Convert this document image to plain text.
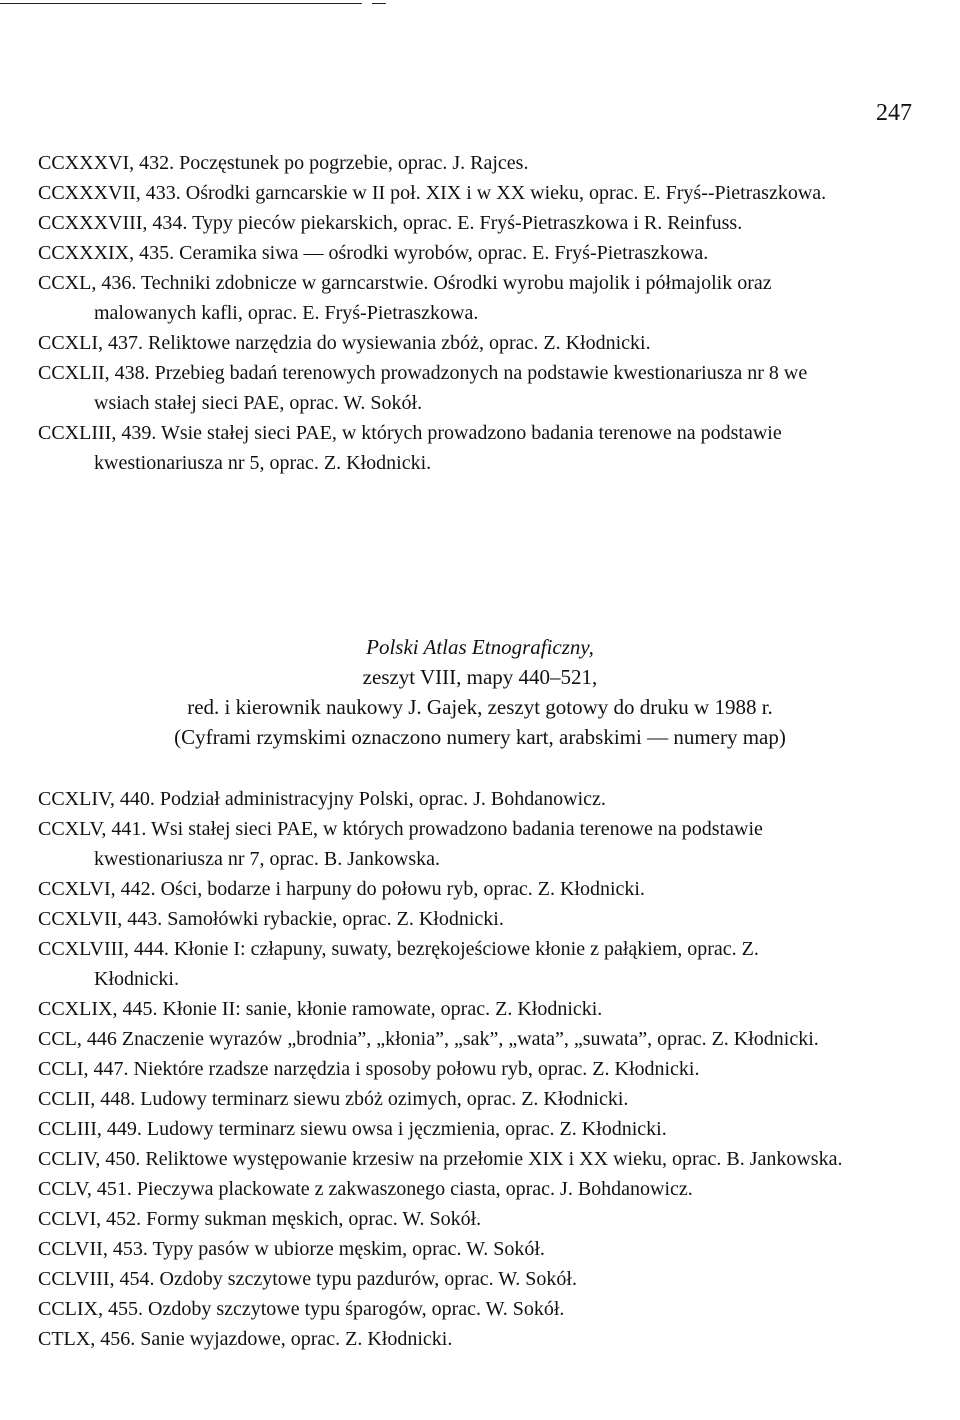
247
CCXXXVI, 432. Poczęstunek po pogrzebie, oprac. J. Rajces.
CCXXXVII, 433. Ośrodki garncarskie w II poł. XIX i w XX wieku, oprac. E. Fryś-‑Pietraszkowa.
CCXXXVIII, 434. Typy pieców piekarskich, oprac. E. Fryś-Pietraszkowa i R. Reinfuss.
CCXXXIX, 435. Ceramika siwa — ośrodki wyrobów, oprac. E. Fryś-Pietraszkowa.
CCXL, 436. Techniki zdobnicze w garncarstwie. Ośrodki wyrobu majolik i półmajolik oraz malowanych kafli, oprac. E. Fryś-Pietraszkowa.
CCXLI, 437. Reliktowe narzędzia do wysiewania zbóż, oprac. Z. Kłodnicki.
CCXLII, 438. Przebieg badań terenowych prowadzonych na podstawie kwestionariusza nr 8 we wsiach stałej sieci PAE, oprac. W. Sokół.
CCXLIII, 439. Wsie stałej sieci PAE, w których prowadzono badania terenowe na podstawie kwestionariusza nr 5, oprac. Z. Kłodnicki.
Polski Atlas Etnograficzny,
zeszyt VIII, mapy 440–521,
red. i kierownik naukowy J. Gajek, zeszyt gotowy do druku w 1988 r.
(Cyframi rzymskimi oznaczono numery kart, arabskimi — numery map)
CCXLIV, 440. Podział administracyjny Polski, oprac. J. Bohdanowicz.
CCXLV, 441. Wsi stałej sieci PAE, w których prowadzono badania terenowe na podstawie kwestionariusza nr 7, oprac. B. Jankowska.
CCXLVI, 442. Ości, bodarze i harpuny do połowu ryb, oprac. Z. Kłodnicki.
CCXLVII, 443. Samołówki rybackie, oprac. Z. Kłodnicki.
CCXLVIII, 444. Kłonie I: człapuny, suwaty, bezrękojeściowe kłonie z pałąkiem, oprac. Z. Kłodnicki.
CCXLIX, 445. Kłonie II: sanie, kłonie ramowate, oprac. Z. Kłodnicki.
CCL, 446 Znaczenie wyrazów „brodnia”, „kłonia”, „sak”, „wata”, „suwata”, oprac. Z. Kłodnicki.
CCLI, 447. Niektóre rzadsze narzędzia i sposoby połowu ryb, oprac. Z. Kłodnicki.
CCLII, 448. Ludowy terminarz siewu zbóż ozimych, oprac. Z. Kłodnicki.
CCLIII, 449. Ludowy terminarz siewu owsa i jęczmienia, oprac. Z. Kłodnicki.
CCLIV, 450. Reliktowe występowanie krzesiw na przełomie XIX i XX wieku, oprac. B. Jankowska.
CCLV, 451. Pieczywa plackowate z zakwaszonego ciasta, oprac. J. Bohdanowicz.
CCLVI, 452. Formy sukman męskich, oprac. W. Sokół.
CCLVII, 453. Typy pasów w ubiorze męskim, oprac. W. Sokół.
CCLVIII, 454. Ozdoby szczytowe typu pazdurów, oprac. W. Sokół.
CCLIX, 455. Ozdoby szczytowe typu śparogów, oprac. W. Sokół.
CTLX, 456. Sanie wyjazdowe, oprac. Z. Kłodnicki.
